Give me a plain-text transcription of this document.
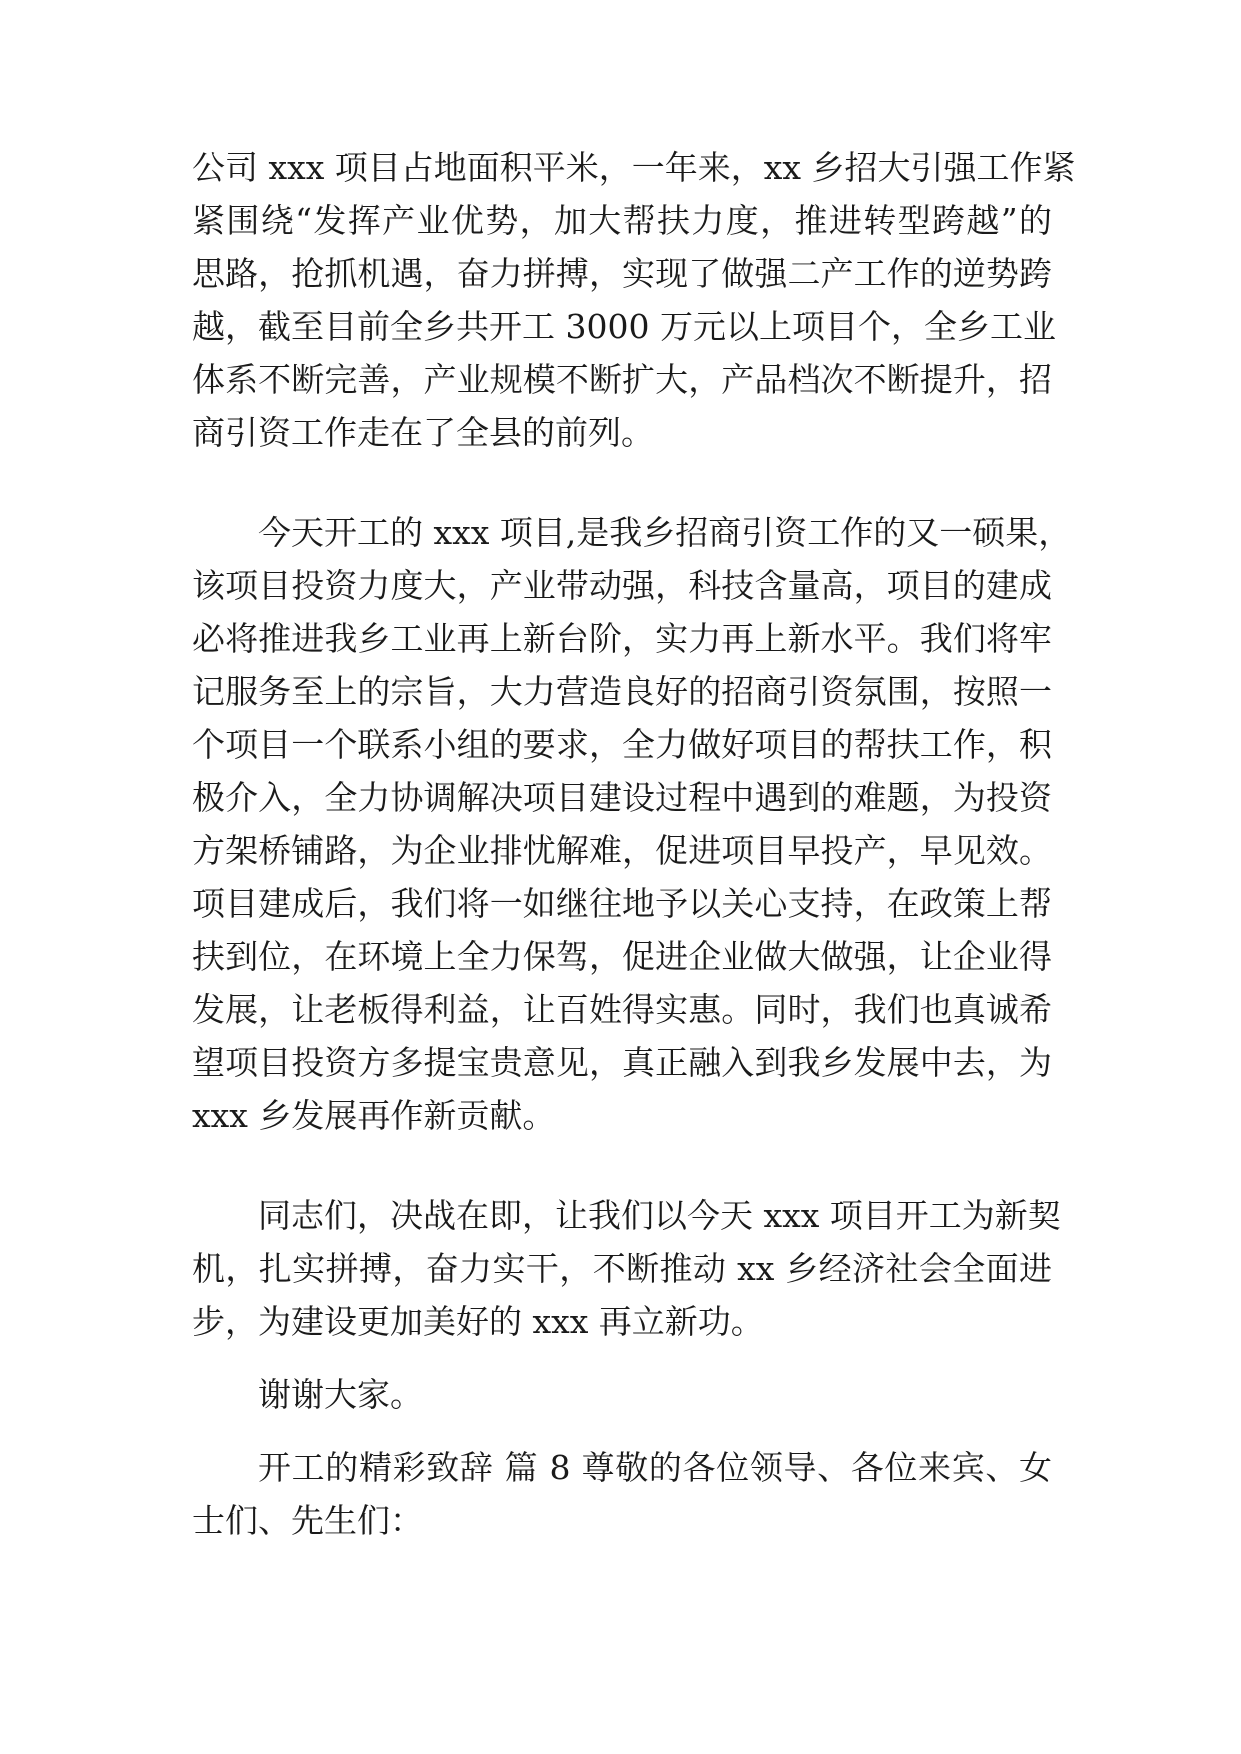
公司 xxx 项目占地面积平米，一年来，xx 乡招大引强工作紧
紧围绕“发挥产业优势，加大帮扶力度，推进转型跨越”的
思路，抢抓机遇，奋力拼搏，实现了做强二产工作的逆势跨
越，截至目前全乡共开工 3000 万元以上项目个，全乡工业
体系不断完善，产业规模不断扩大，产品档次不断提升，招
商引资工作走在了全县的前列。
今天开工的 xxx 项目,是我乡招商引资工作的又一硕果，
该项目投资力度大，产业带动强，科技含量高，项目的建成
必将推进我乡工业再上新台阶，实力再上新水平。我们将牢
记服务至上的宗旨，大力营造良好的招商引资氛围，按照一
个项目一个联系小组的要求，全力做好项目的帮扶工作，积
极介入，全力协调解决项目建设过程中遇到的难题，为投资
方架桥铺路，为企业排忧解难，促进项目早投产，早见效。
项目建成后，我们将一如继往地予以关心支持，在政策上帮
扶到位，在环境上全力保驾，促进企业做大做强，让企业得
发展，让老板得利益，让百姓得实惠。同时，我们也真诚希
望项目投资方多提宝贵意见，真正融入到我乡发展中去，为
xxx 乡发展再作新贡献。
同志们，决战在即，让我们以今天 xxx 项目开工为新契
机，扎实拼搏，奋力实干，不断推动 xx 乡经济社会全面进
步，为建设更加美好的 xxx 再立新功。
谢谢大家。
开工的精彩致辞 篇 8 尊敬的各位领导、各位来宾、女
士们、先生们：
